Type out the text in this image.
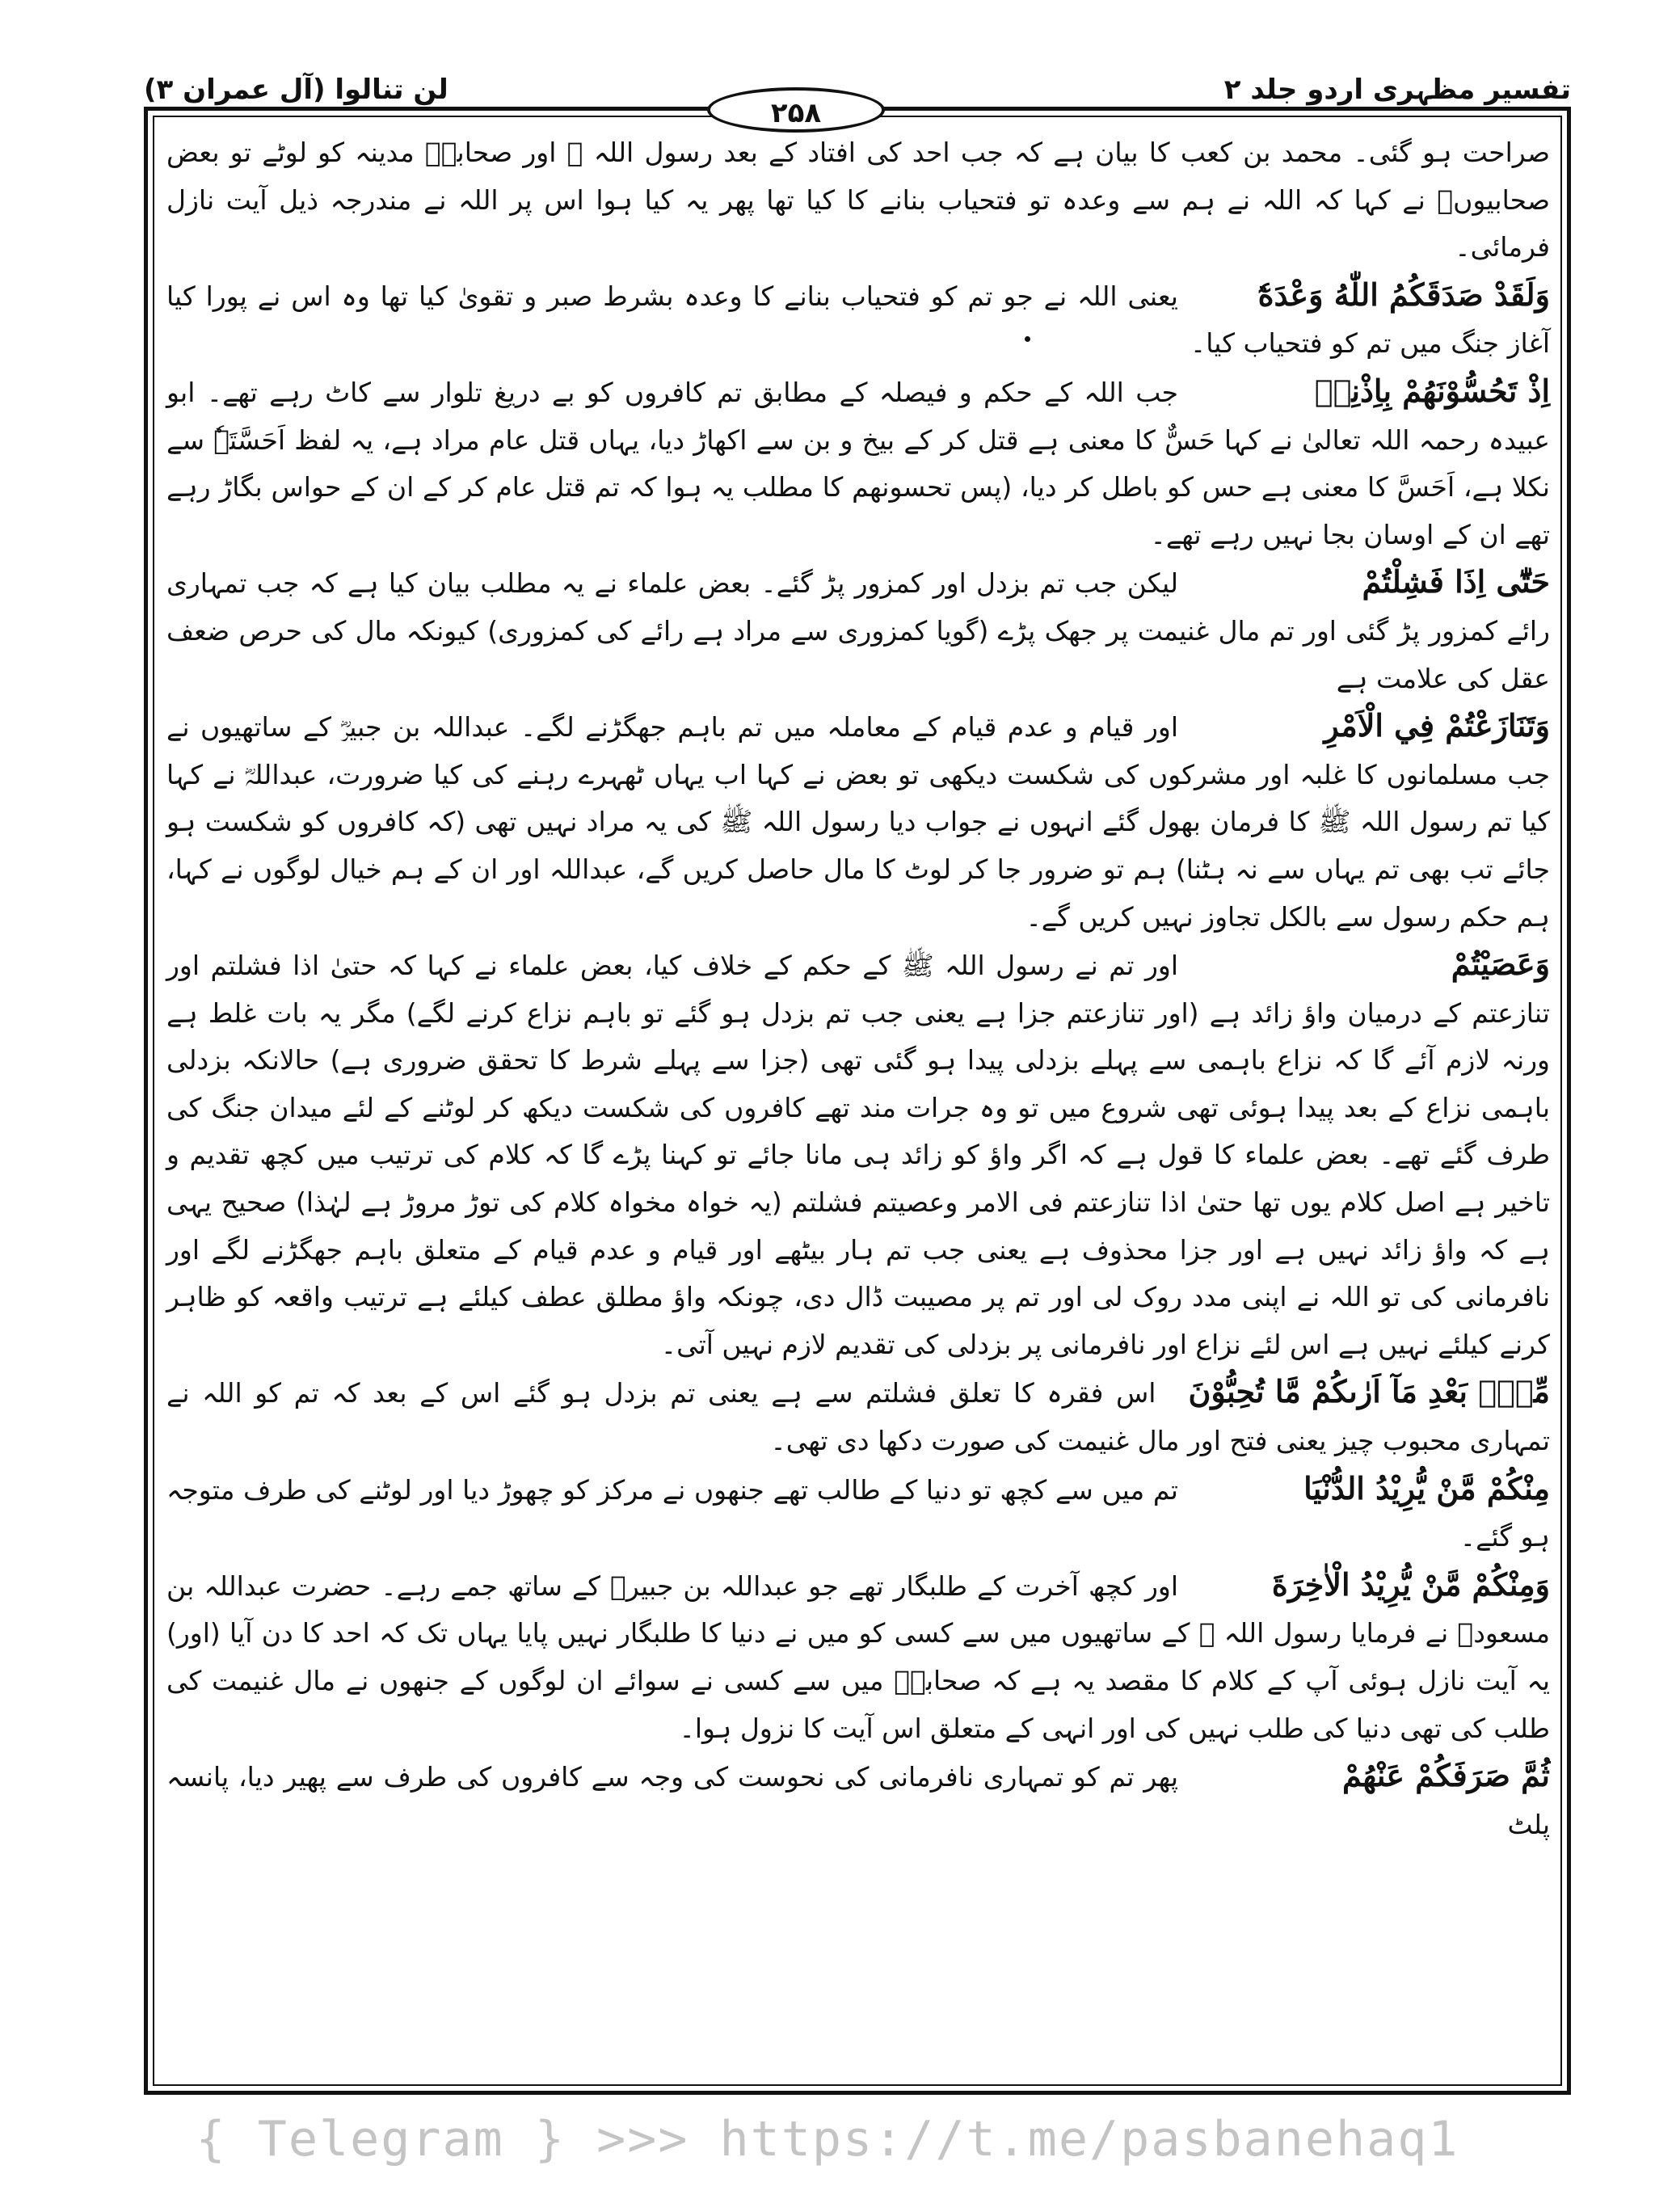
تفسیر مظہری اردو جلد ۲
لن تنالوا (آل عمران ۳)
۲۵۸

صراحت ہو گئی۔ محمد بن کعب کا بیان ہے کہ جب احد کی افتاد کے بعد رسول اللہ ﷺ اور صحابہؓ مدینہ کو لوٹے تو بعض صحابیوںؓ نے کہا کہ اللہ نے ہم سے وعدہ تو فتحیاب بنانے کا کیا تھا پھر یہ کیا ہوا اس پر اللہ نے مندرجہ ذیل آیت نازل فرمائی۔

وَلَقَدْ صَدَقَكُمُ اللّٰهُ وَعْدَهٗٓیعنی اللہ نے جو تم کو فتحیاب بنانے کا وعدہ بشرط صبر و تقویٰ کیا تھا وہ اس نے پورا کیا آغاز جنگ میں تم کو فتحیاب کیا۔

اِذْ تَحُسُّوْنَهُمْ بِاِذْنِهٖجب اللہ کے حکم و فیصلہ کے مطابق تم کافروں کو بے دریغ تلوار سے کاٹ رہے تھے۔ ابو عبیدہ رحمہ اللہ تعالیٰ نے کہا حَسٌّ کا معنی ہے قتل کر کے بیخ و بن سے اکھاڑ دیا، یہاں قتل عام مراد ہے، یہ لفظ اَحَسَّتَہٗ سے نکلا ہے، اَحَسَّ کا معنی ہے حس کو باطل کر دیا، (پس تحسونھم کا مطلب یہ ہوا کہ تم قتل عام کر کے ان کے حواس بگاڑ رہے تھے ان کے اوسان بجا نہیں رہے تھے۔

حَتّٰٓى اِذَا فَشِلْتُمْلیکن جب تم بزدل اور کمزور پڑ گئے۔ بعض علماء نے یہ مطلب بیان کیا ہے کہ جب تمہاری رائے کمزور پڑ گئی اور تم مال غنیمت پر جھک پڑے (گویا کمزوری سے مراد ہے رائے کی کمزوری) کیونکہ مال کی حرص ضعف عقل کی علامت ہے

وَتَنَازَعْتُمْ فِي الْاَمْرِاور قیام و عدم قیام کے معاملہ میں تم باہم جھگڑنے لگے۔ عبداللہ بن جبیرؓ کے ساتھیوں نے جب مسلمانوں کا غلبہ اور مشرکوں کی شکست دیکھی تو بعض نے کہا اب یہاں ٹھہرے رہنے کی کیا ضرورت، عبداللہؓ نے کہا کیا تم رسول اللہ ﷺ کا فرمان بھول گئے انہوں نے جواب دیا رسول اللہ ﷺ کی یہ مراد نہیں تھی (کہ کافروں کو شکست ہو جائے تب بھی تم یہاں سے نہ ہٹنا) ہم تو ضرور جا کر لوٹ کا مال حاصل کریں گے، عبداللہ اور ان کے ہم خیال لوگوں نے کہا، ہم حکم رسول سے بالکل تجاوز نہیں کریں گے۔

وَعَصَيْتُمْاور تم نے رسول اللہ ﷺ کے حکم کے خلاف کیا، بعض علماء نے کہا کہ حتیٰ اذا فشلتم اور تنازعتم کے درمیان واؤ زائد ہے (اور تنازعتم جزا ہے یعنی جب تم بزدل ہو گئے تو باہم نزاع کرنے لگے) مگر یہ بات غلط ہے ورنہ لازم آئے گا کہ نزاع باہمی سے پہلے بزدلی پیدا ہو گئی تھی (جزا سے پہلے شرط کا تحقق ضروری ہے) حالانکہ بزدلی باہمی نزاع کے بعد پیدا ہوئی تھی شروع میں تو وہ جرات مند تھے کافروں کی شکست دیکھ کر لوٹنے کے لئے میدان جنگ کی طرف گئے تھے۔ بعض علماء کا قول ہے کہ اگر واؤ کو زائد ہی مانا جائے تو کہنا پڑے گا کہ کلام کی ترتیب میں کچھ تقدیم و تاخیر ہے اصل کلام یوں تھا حتیٰ اذا تنازعتم فی الامر وعصیتم فشلتم (یہ خواہ مخواہ کلام کی توڑ مروڑ ہے لہٰذا) صحیح یہی ہے کہ واؤ زائد نہیں ہے اور جزا محذوف ہے یعنی جب تم ہار بیٹھے اور قیام و عدم قیام کے متعلق باہم جھگڑنے لگے اور نافرمانی کی تو اللہ نے اپنی مدد روک لی اور تم پر مصیبت ڈال دی، چونکہ واؤ مطلق عطف کیلئے ہے ترتیب واقعہ کو ظاہر کرنے کیلئے نہیں ہے اس لئے نزاع اور نافرمانی پر بزدلی کی تقدیم لازم نہیں آتی۔

مِّنْۢ بَعْدِ مَآ اَرٰىكُمْ مَّا تُحِبُّوْنَاس فقرہ کا تعلق فشلتم سے ہے یعنی تم بزدل ہو گئے اس کے بعد کہ تم کو اللہ نے تمہاری محبوب چیز یعنی فتح اور مال غنیمت کی صورت دکھا دی تھی۔

مِنْكُمْ مَّنْ يُّرِيْدُ الدُّنْيَاتم میں سے کچھ تو دنیا کے طالب تھے جنھوں نے مرکز کو چھوڑ دیا اور لوٹنے کی طرف متوجہ ہو گئے۔

وَمِنْكُمْ مَّنْ يُّرِيْدُ الْاٰخِرَةَاور کچھ آخرت کے طلبگار تھے جو عبداللہ بن جبیرؓ کے ساتھ جمے رہے۔ حضرت عبداللہ بن مسعودؓ نے فرمایا رسول اللہ ﷺ کے ساتھیوں میں سے کسی کو میں نے دنیا کا طلبگار نہیں پایا یہاں تک کہ احد کا دن آیا (اور) یہ آیت نازل ہوئی آپ کے کلام کا مقصد یہ ہے کہ صحابہؓ میں سے کسی نے سوائے ان لوگوں کے جنھوں نے مال غنیمت کی طلب کی تھی دنیا کی طلب نہیں کی اور انہی کے متعلق اس آیت کا نزول ہوا۔

ثُمَّ صَرَفَكُمْ عَنْهُمْپھر تم کو تمہاری نافرمانی کی نحوست کی وجہ سے کافروں کی طرف سے پھیر دیا، پانسہ پلٹ

{ Telegram } >>> https://t.me/pasbanehaq1
